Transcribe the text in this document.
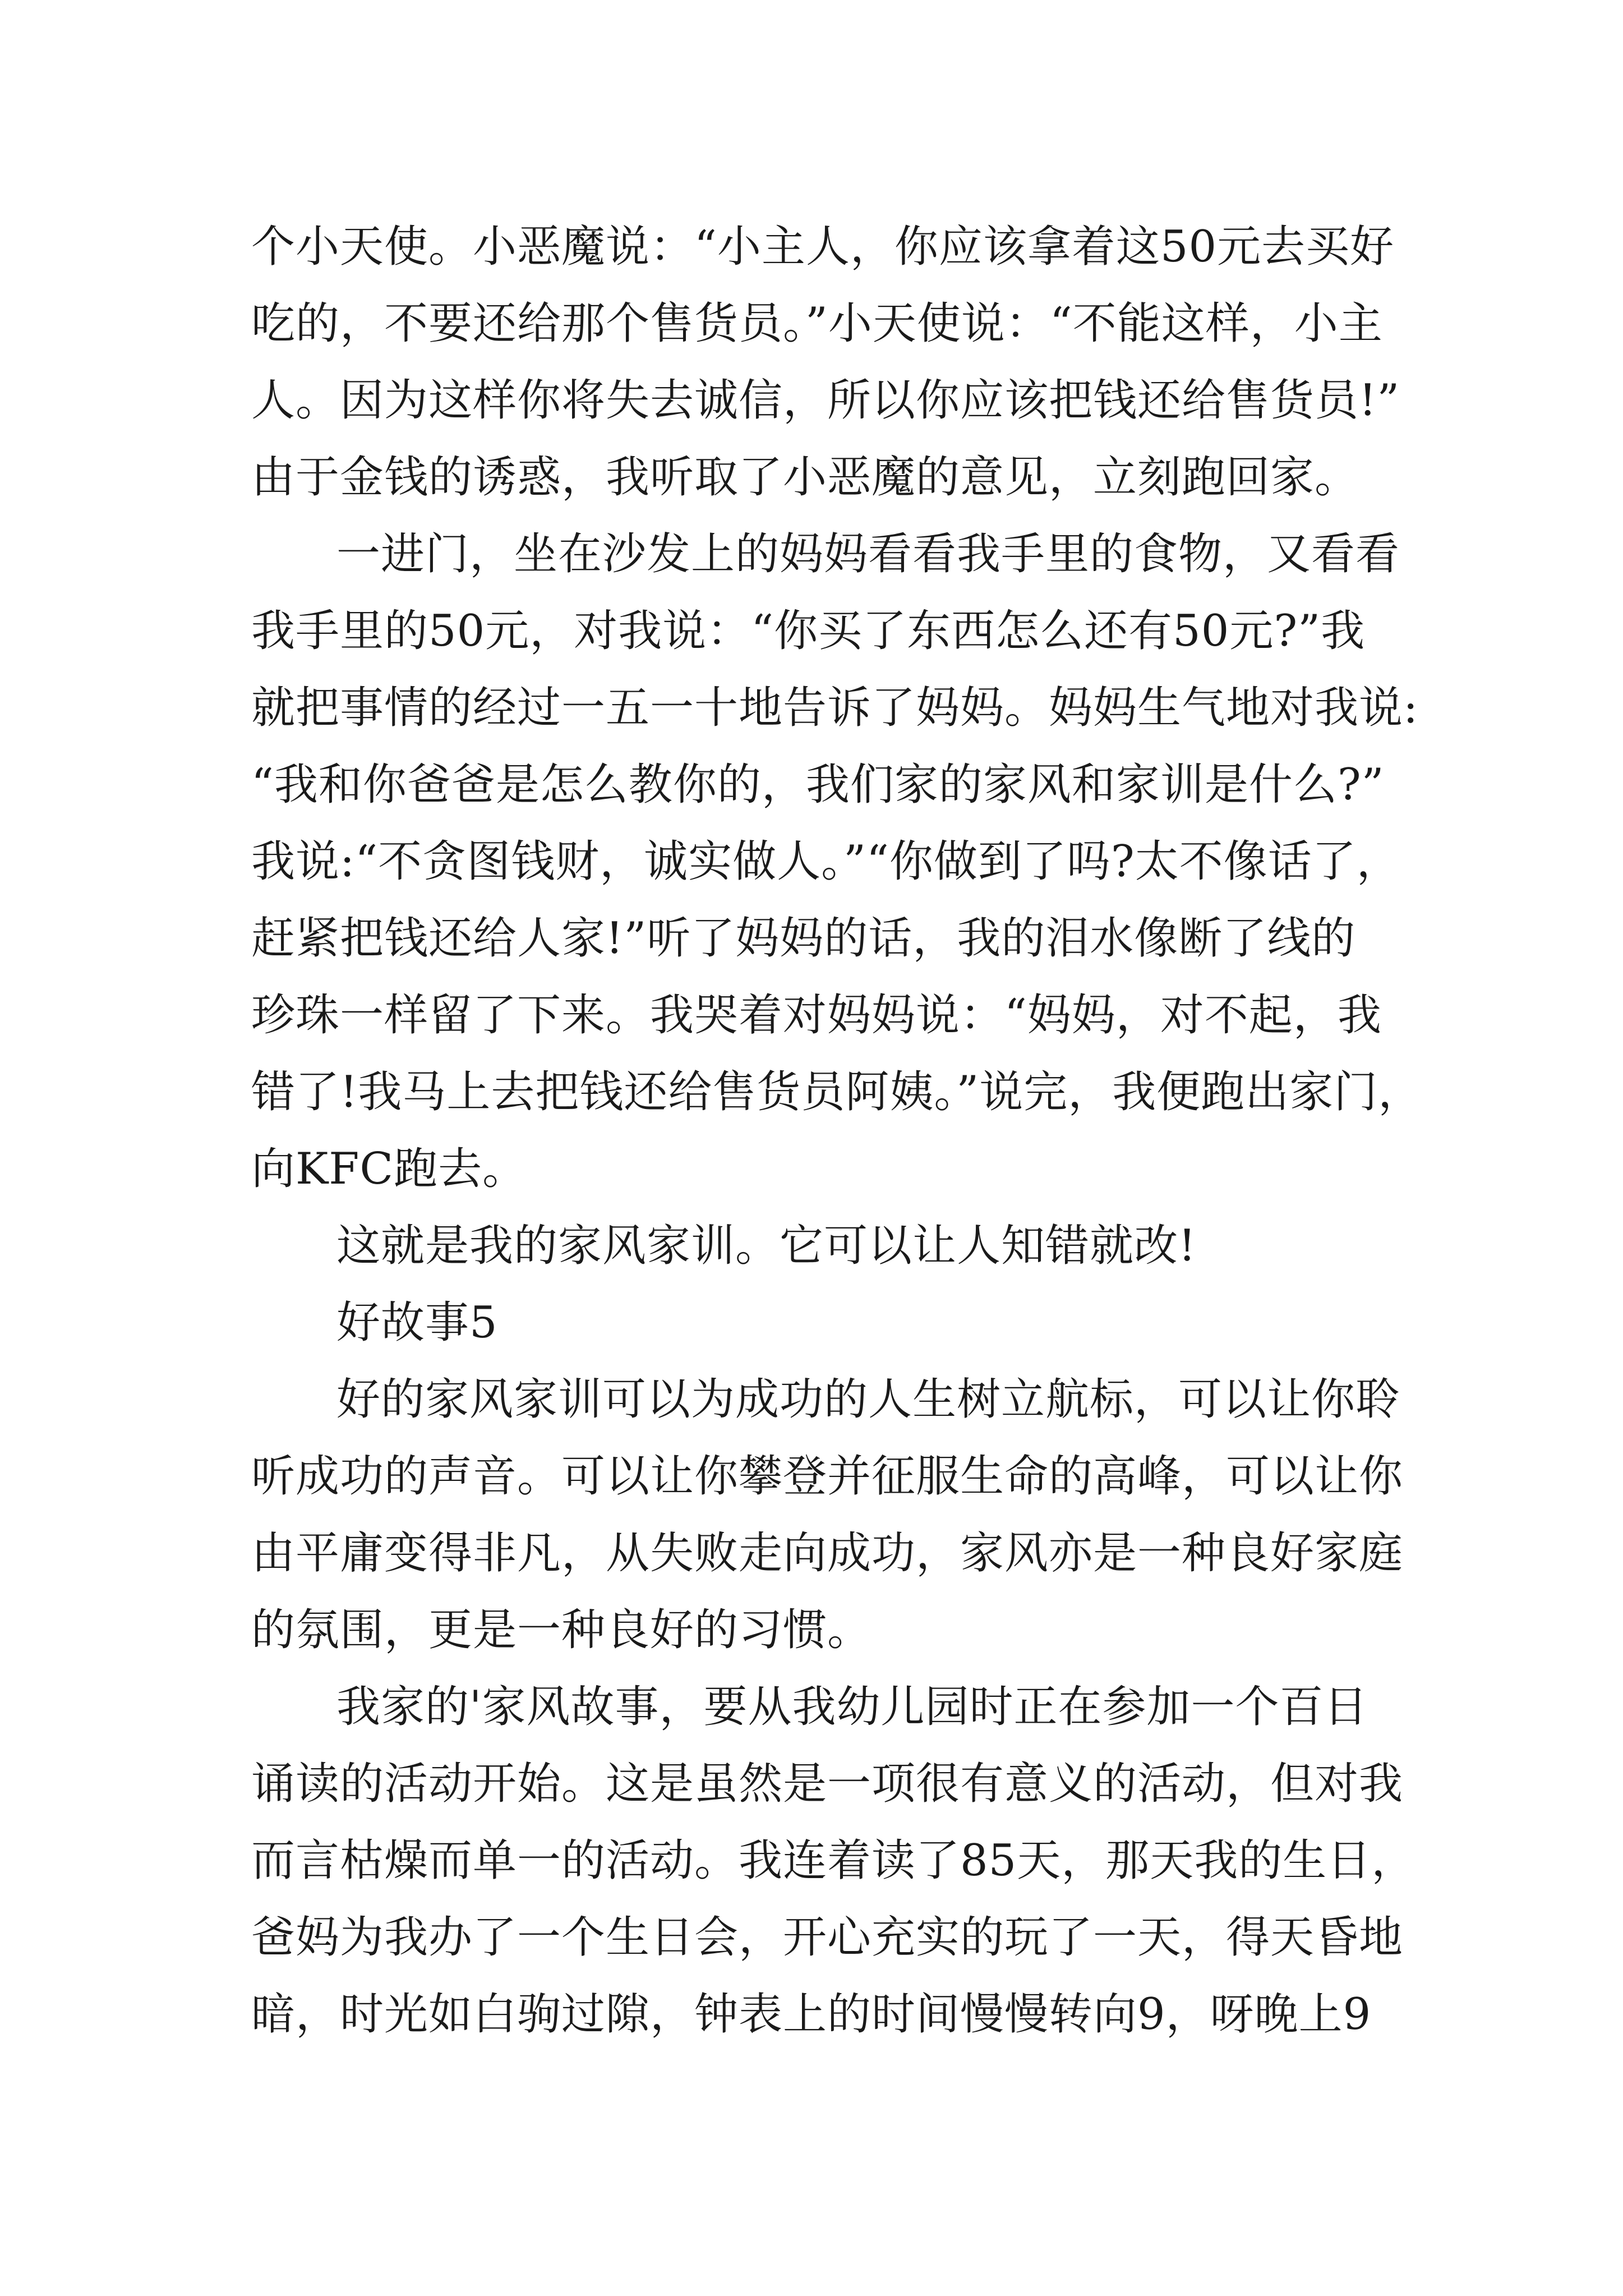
个小天使。小恶魔说：“小主人，你应该拿着这50元去买好
吃的，不要还给那个售货员。”小天使说：“不能这样，小主
人。因为这样你将失去诚信，所以你应该把钱还给售货员!”
由于金钱的诱惑，我听取了小恶魔的意见，立刻跑回家。
一进门，坐在沙发上的妈妈看看我手里的食物，又看看
我手里的50元，对我说：“你买了东西怎么还有50元?”我
就把事情的经过一五一十地告诉了妈妈。妈妈生气地对我说:
“我和你爸爸是怎么教你的，我们家的家风和家训是什么?”
我说:“不贪图钱财，诚实做人。”“你做到了吗?太不像话了，
赶紧把钱还给人家!”听了妈妈的话，我的泪水像断了线的
珍珠一样留了下来。我哭着对妈妈说：“妈妈，对不起，我
错了!我马上去把钱还给售货员阿姨。”说完，我便跑出家门，
向KFC跑去。
这就是我的家风家训。它可以让人知错就改!
好故事5
好的家风家训可以为成功的人生树立航标，可以让你聆
听成功的声音。可以让你攀登并征服生命的高峰，可以让你
由平庸变得非凡，从失败走向成功，家风亦是一种良好家庭
的氛围，更是一种良好的习惯。
我家的'家风故事，要从我幼儿园时正在参加一个百日
诵读的活动开始。这是虽然是一项很有意义的活动，但对我
而言枯燥而单一的活动。我连着读了85天，那天我的生日，
爸妈为我办了一个生日会，开心充实的玩了一天，得天昏地
暗，时光如白驹过隙，钟表上的时间慢慢转向9，呀晚上9
